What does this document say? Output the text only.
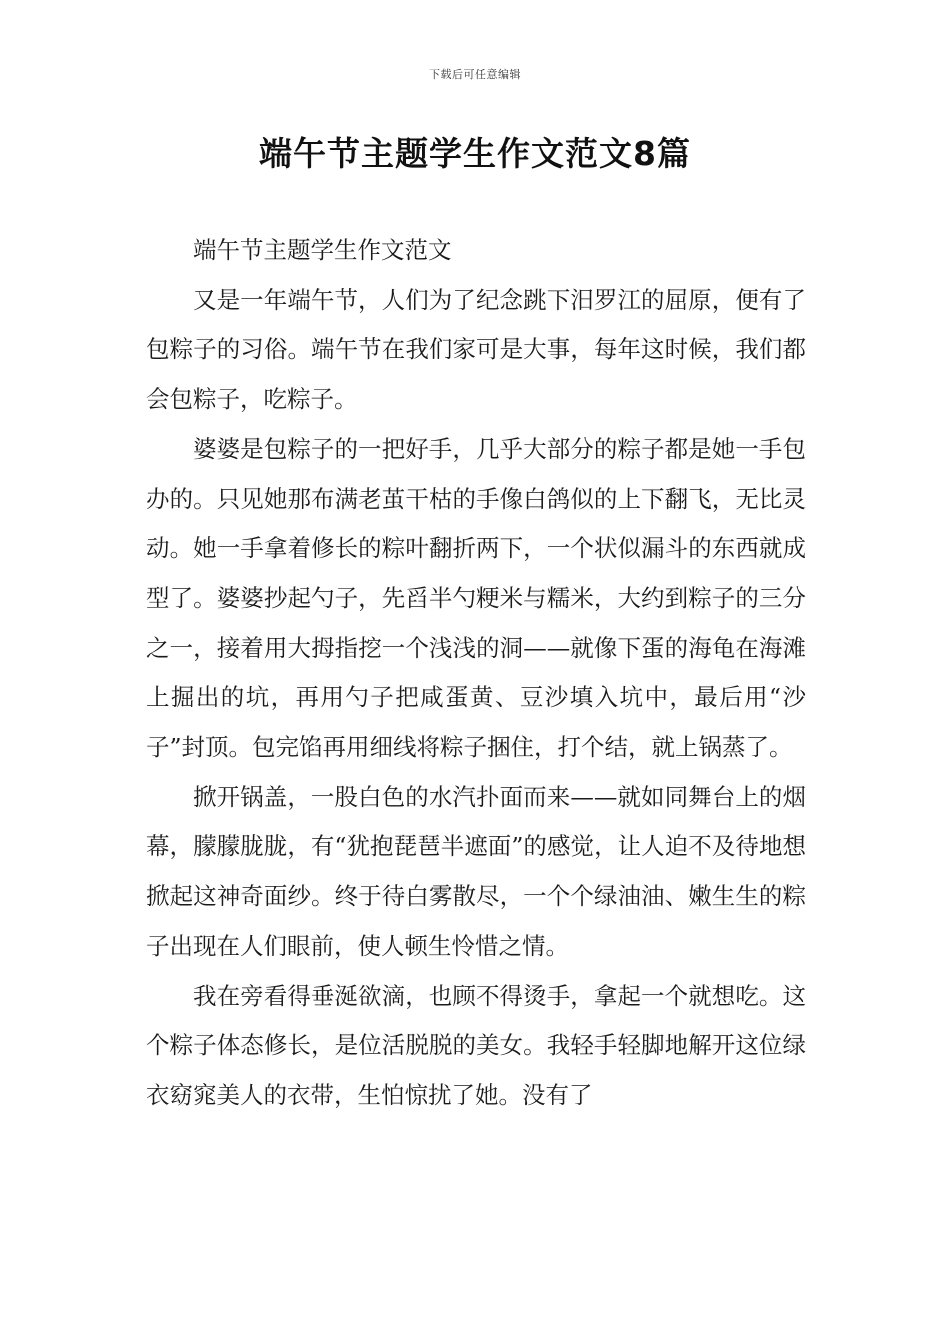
下载后可任意编辑
端午节主题学生作文范文8篇

端午节主题学生作文范文

又是一年端午节，人们为了纪念跳下汨罗江的屈原，便有了包粽子的习俗。端午节在我们家可是大事，每年这时候，我们都会包粽子，吃粽子。

婆婆是包粽子的一把好手，几乎大部分的粽子都是她一手包办的。只见她那布满老茧干枯的手像白鸽似的上下翻飞，无比灵动。她一手拿着修长的粽叶翻折两下，一个状似漏斗的东西就成型了。婆婆抄起勺子，先舀半勺粳米与糯米，大约到粽子的三分之一，接着用大拇指挖一个浅浅的洞——就像下蛋的海龟在海滩上掘出的坑，再用勺子把咸蛋黄、豆沙填入坑中，最后用“沙子”封顶。包完馅再用细线将粽子捆住，打个结，就上锅蒸了。

掀开锅盖，一股白色的水汽扑面而来——就如同舞台上的烟幕，朦朦胧胧，有“犹抱琵琶半遮面”的感觉，让人迫不及待地想掀起这神奇面纱。终于待白雾散尽，一个个绿油油、嫩生生的粽子出现在人们眼前，使人顿生怜惜之情。

我在旁看得垂涎欲滴，也顾不得烫手，拿起一个就想吃。这个粽子体态修长，是位活脱脱的美女。我轻手轻脚地解开这位绿衣窈窕美人的衣带，生怕惊扰了她。没有了
